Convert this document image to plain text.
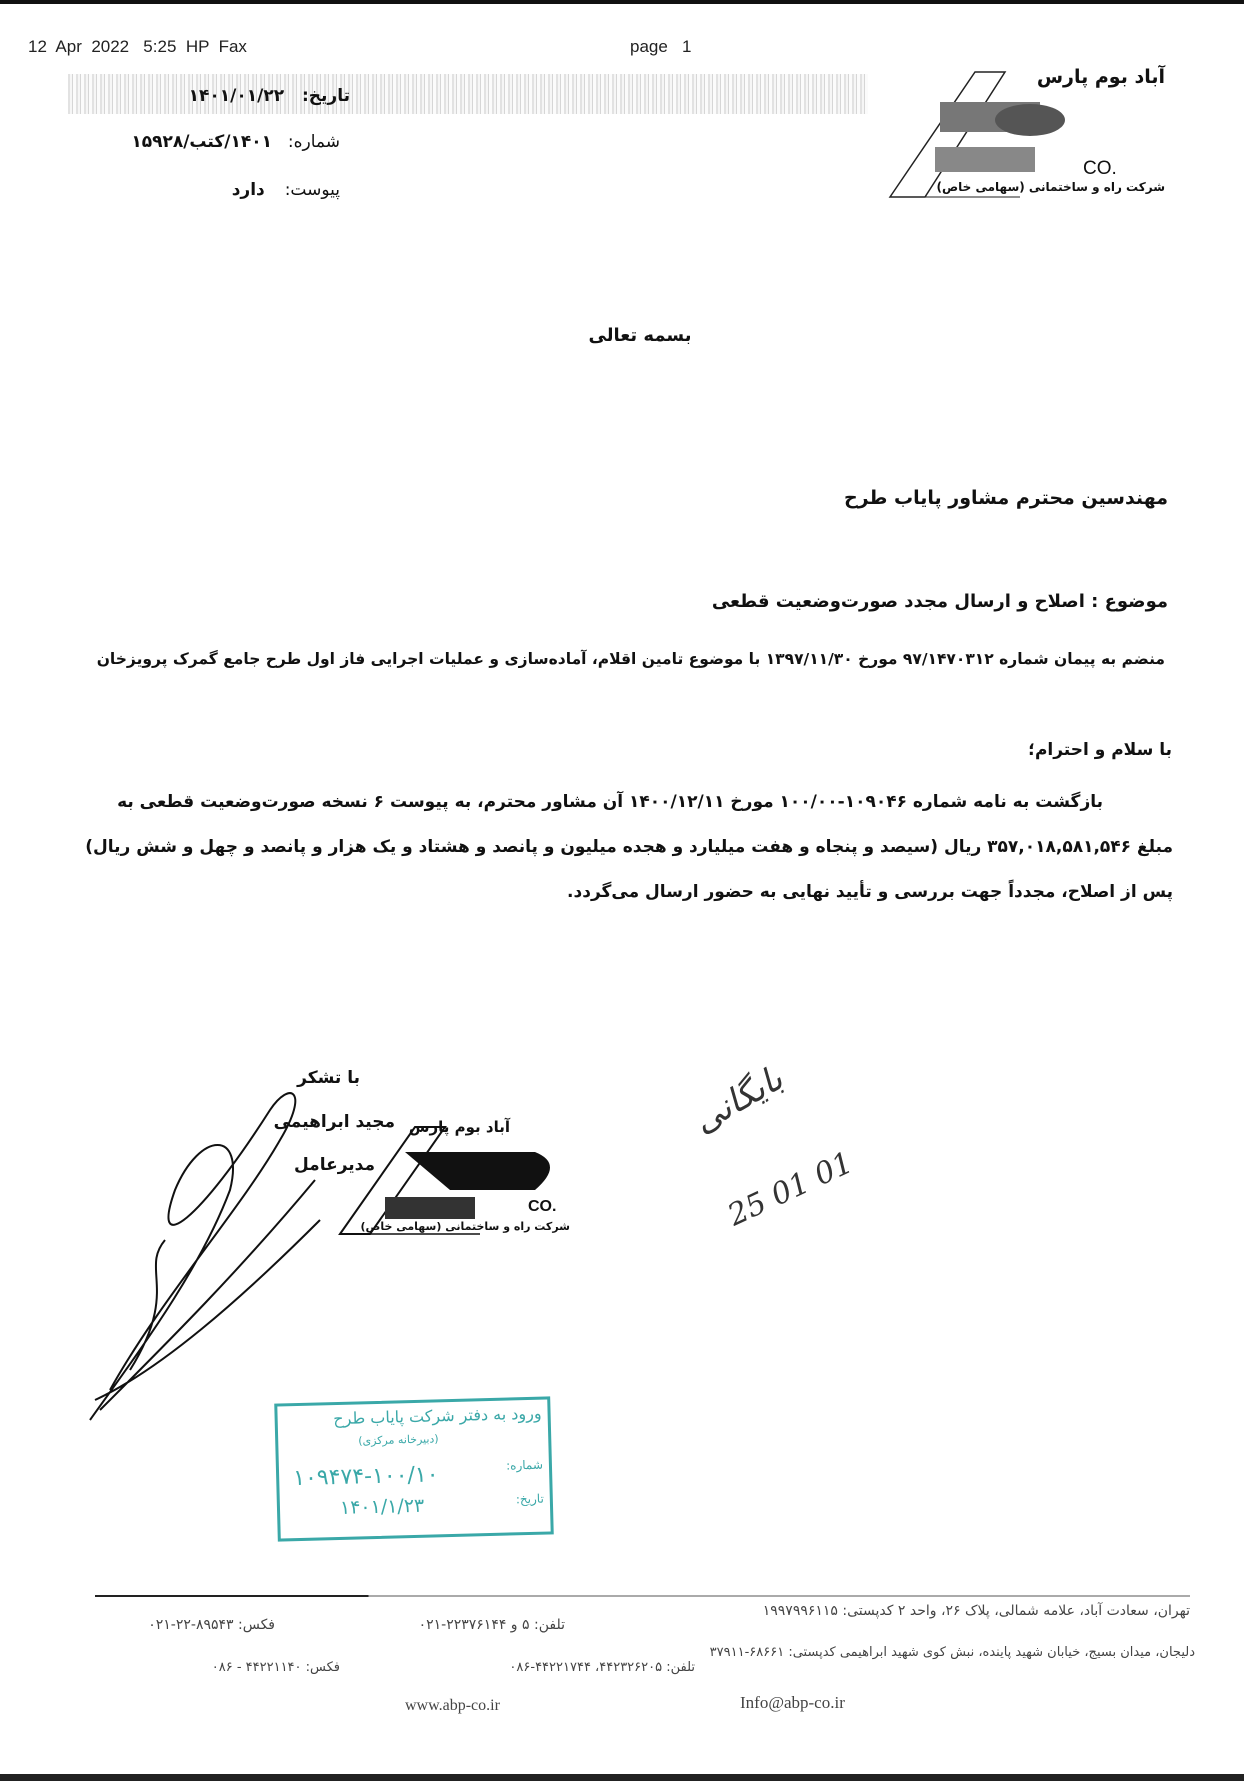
12  Apr  2022   5:25  HP  Fax	page   1
تاریخ: ۱۴۰۱/۰۱/۲۲
شماره: ۱۴۰۱/کتب/۱۵۹۲۸
پیوست: دارد
آباد بوم پارس
CO.
شرکت راه و ساختمانی (سهامی خاص)
بسمه تعالی
مهندسین محترم مشاور پایاب طرح
موضوع : اصلاح و ارسال مجدد صورت‌وضعیت قطعی
منضم به پیمان شماره ۹۷/۱۴۷۰۳۱۲ مورخ ۱۳۹۷/۱۱/۳۰ با موضوع تامین اقلام، آماده‌سازی و عملیات اجرایی فاز اول طرح جامع گمرک پرویزخان
با سلام و احترام؛
بازگشت به نامه شماره ۱۰۹۰۴۶-۱۰۰/۰۰ مورخ ۱۴۰۰/۱۲/۱۱ آن مشاور محترم، به پیوست ۶ نسخه صورت‌وضعیت قطعی به مبلغ ۳۵۷,۰۱۸,۵۸۱,۵۴۶ ریال (سیصد و پنجاه و هفت میلیارد و هجده میلیون و پانصد و هشتاد و یک هزار و پانصد و چهل و شش ریال) پس از اصلاح، مجدداً جهت بررسی و تأیید نهایی به حضور ارسال می‌گردد.
با تشکر
مجید ابراهیمی
مدیرعامل
آباد بوم پارس
CO.
شرکت راه و ساختمانی (سهامی خاص)
بایگانی
25 01 01
ورود به دفتر شرکت پایاب طرح
(دبیرخانه مرکزی)
شماره:
۱۰۹۴۷۴-۱۰۰/۱۰
تاریخ:
۱۴۰۱/۱/۲۳
تهران، سعادت آباد، علامه شمالی، پلاک ۲۶، واحد ۲ کدپستی: ۱۹۹۷۹۹۶۱۱۵
تلفن: ۵ و ۲۲۳۷۶۱۴۴-۰۲۱
فکس: ۸۹۵۴۳-۲۲-۰۲۱
دلیجان، میدان بسیج، خیابان شهید پاینده، نبش کوی شهید ابراهیمی کدپستی: ۶۸۶۶۱-۳۷۹۱۱
تلفن: ۴۴۲۳۲۶۲۰۵، ۴۴۲۲۱۷۴۴-۰۸۶
فکس: ۴۴۲۲۱۱۴۰ - ۰۸۶
www.abp-co.ir	Info@abp-co.ir
